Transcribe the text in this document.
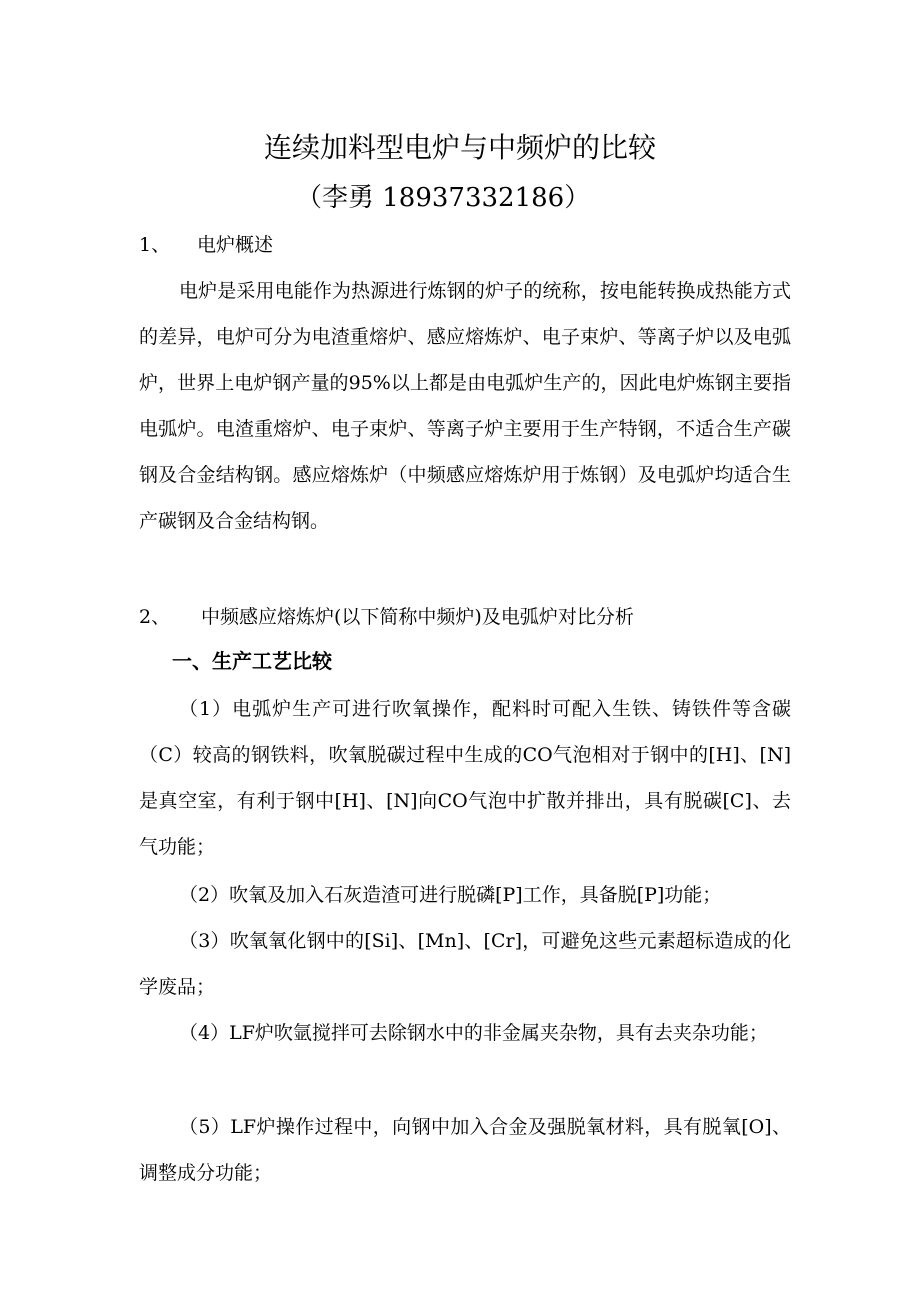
连续加料型电炉与中频炉的比较
（李勇 18937332186）
1、 电炉概述

电炉是采用电能作为热源进行炼钢的炉子的统称，按电能转换成热能方式的差异，电炉可分为电渣重熔炉、感应熔炼炉、电子束炉、等离子炉以及电弧炉，世界上电炉钢产量的95%以上都是由电弧炉生产的，因此电炉炼钢主要指电弧炉。电渣重熔炉、电子束炉、等离子炉主要用于生产特钢，不适合生产碳钢及合金结构钢。感应熔炼炉（中频感应熔炼炉用于炼钢）及电弧炉均适合生产碳钢及合金结构钢。

2、 中频感应熔炼炉(以下简称中频炉)及电弧炉对比分析
一、生产工艺比较

（1）电弧炉生产可进行吹氧操作，配料时可配入生铁、铸铁件等含碳（C）较高的钢铁料，吹氧脱碳过程中生成的CO气泡相对于钢中的[H]、[N]是真空室，有利于钢中[H]、[N]向CO气泡中扩散并排出，具有脱碳[C]、去气功能；

（2）吹氧及加入石灰造渣可进行脱磷[P]工作，具备脱[P]功能；

（3）吹氧氧化钢中的[Si]、[Mn]、[Cr]，可避免这些元素超标造成的化学废品；

（4）LF炉吹氩搅拌可去除钢水中的非金属夹杂物，具有去夹杂功能；

（5）LF炉操作过程中，向钢中加入合金及强脱氧材料，具有脱氧[O]、调整成分功能；
